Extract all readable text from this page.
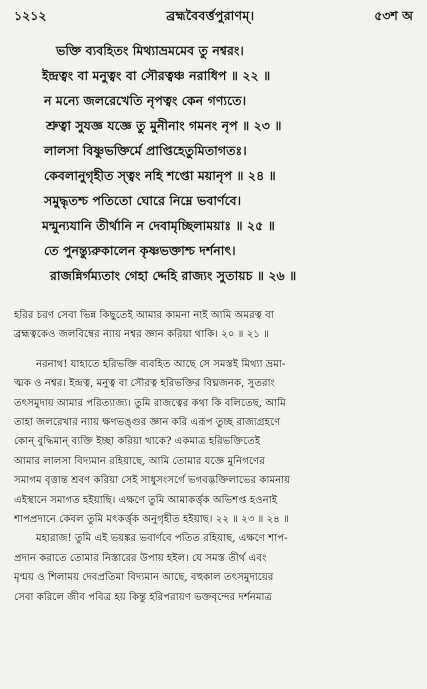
১২১২	ব্রহ্মবৈবর্ত্তপুরাণম্।	৫৩শ অ
ভক্তি ব্যবহিতং মিথ্যাভ্রমমেব তু নশ্বরং।
ইন্দ্রত্বং বা মনুত্বং বা সৌরত্বঞ্চ নরাধিপ ॥ ২২ ॥
ন মন্যে জলরেখেতি নৃপত্বং কেন গণ্যতে।
শ্রুত্বা সুযজ্ঞ যজ্ঞে তু মুনীনাং গমনং নৃপ ॥ ২৩ ॥
লালসা বিষ্ণুভক্তির্মে প্রাপ্তিহেতুমিতাগতঃ।
কেবলানুগৃহীত স্ত্বং নহি শপ্তো ময়ানৃপ ॥ ২৪ ॥
সমুদ্ধৃতশ্চ পতিতো ঘোরে নিম্নে ভবার্ণবে।
মন্মুন্যযানি তীর্থানি ন দেবামৃচ্ছিলাময়াঃ ॥ ২৫ ॥
তে পুনন্ত্যুরুকালেন কৃষ্ণভক্তাশ্চ দর্শনাৎ।
রাজন্নির্গম্যতাং গেহা দ্দেহি রাজ্যং সুতায়চ ॥ ২৬ ॥
হরির চরণ সেবা ভিন্ন কিছুতেই আমার কামনা নাই আমি অমরত্ব বা
ব্রহ্মত্বকেও জলবিম্বের ন্যায় নশ্বর জ্ঞান করিয়া থাকি। ২০ ॥ ২১ ॥
নরনাথ! যাহাতে হরিভক্তি ব্যবহিত আছে সে সমস্তই মিথ্যা ভ্রমা-
ত্মক ও নশ্বর। ইন্দ্রত্ব, মনুত্ব বা সৌরত্ব হরিভক্তির বিঘ্নজনক, সুতরাং
তৎসমুদায় আমার পরিত্যাজ্য। তুমি রাজত্বের কথা কি বলিতেছ, আমি
তাহা জলরেখার ন্যায় ক্ষণভঙ্গুর জ্ঞান করি এরূপ তুচ্ছ রাজ্যগ্রহণে
কোন্ বুদ্ধিমান্ ব্যক্তি ইচ্ছা করিয়া থাকে? একমাত্র হরিভক্তিতেই
আমার লালসা বিদ্যমান রহিয়াছে, আমি তোমার যজ্ঞে মুনিগণের
সমাগম বৃত্তান্ত শ্রবণ করিয়া সেই সাধুসংসর্গে ভগবদ্ভক্তিলাভের কামনায়
এইস্থানে সমাগত হইয়াছি। এক্ষণে তুমি আমাকর্ত্তৃক অভিশপ্ত হওনাই
শাপপ্রদানে কেবল তুমি মৎকর্ত্তৃক অনুগৃহীত হইয়াছ। ২২ ॥ ২৩ ॥ ২৪ ॥
মহারাজ! তুমি এই ভয়ঙ্কর ভবার্ণবে পতিত রহিয়াছ, এক্ষণে শাপ-
প্রদান করাতে তোমার নিস্তারের উপায় হইল। যে সমস্ত তীর্থ এবং
মৃণ্ময় ও শিলাময় দেবপ্রতিমা বিদ্যমান আছে, বহুকাল তৎসমুদায়ের
সেবা করিলে জীব পবিত্র হয় কিন্তু হরিপরায়ণ ভক্তবৃন্দের দর্শনমাত্র
